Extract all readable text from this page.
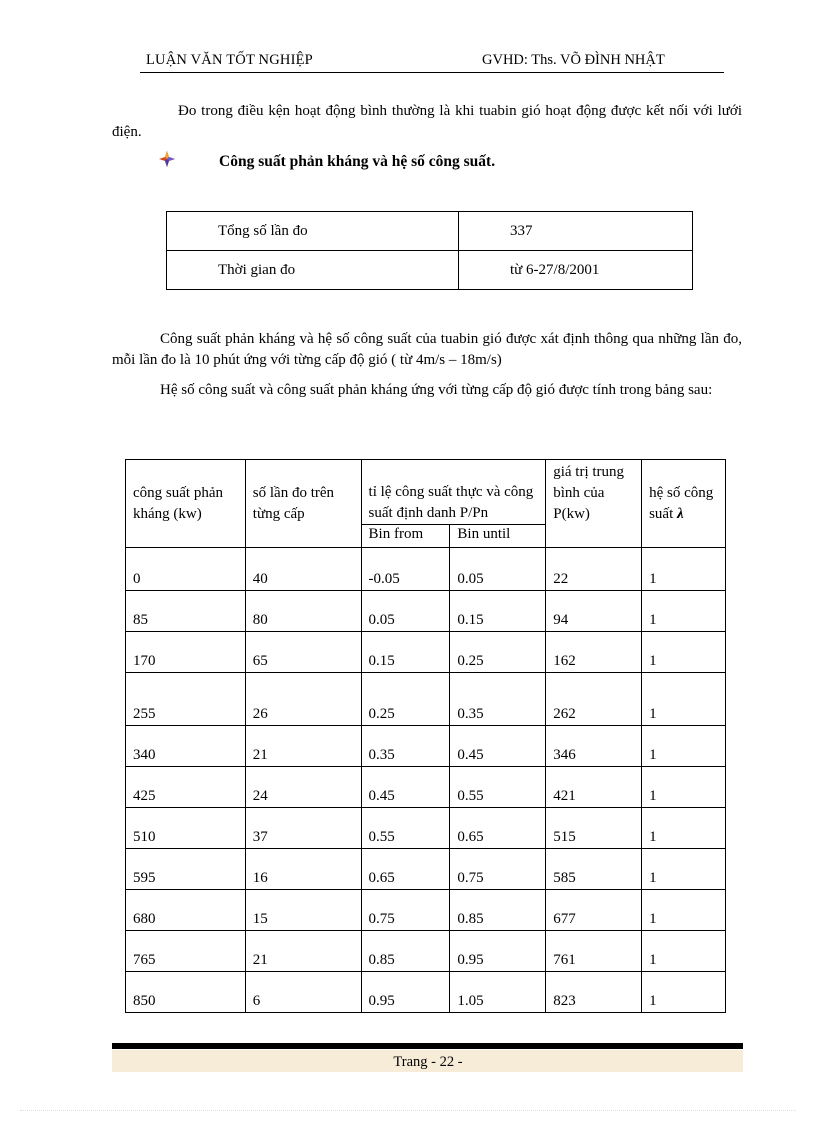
LUẬN VĂN TỐT NGHIỆP	GVHD: Ths. VÕ ĐÌNH NHẬT
Đo trong điều kện hoạt động bình thường là khi tuabin gió hoạt động được kết nối với lưới điện.
Công suất phản kháng và hệ số công suất.
Tổng số lần đo	337
Thời gian đo	từ 6-27/8/2001
Công suất phản kháng và hệ số công suất của tuabin gió được xát định thông qua những lần đo, mỗi lần đo là 10 phút ứng với từng cấp độ gió ( từ 4m/s – 18m/s)
Hệ số công suất và công suất phản kháng ứng với từng cấp độ gió được tính trong bảng sau:
công suất phản kháng (kw)	số lần đo trên từng cấp	tỉ lệ công suất thực và công suất định danh P/Pn		giá trị trung bình của P(kw)	hệ số công suất λ
		Bin from	Bin until		
0	40	-0.05	0.05	22	1
85	80	0.05	0.15	94	1
170	65	0.15	0.25	162	1
255	26	0.25	0.35	262	1
340	21	0.35	0.45	346	1
425	24	0.45	0.55	421	1
510	37	0.55	0.65	515	1
595	16	0.65	0.75	585	1
680	15	0.75	0.85	677	1
765	21	0.85	0.95	761	1
850	6	0.95	1.05	823	1
Trang - 22 -
